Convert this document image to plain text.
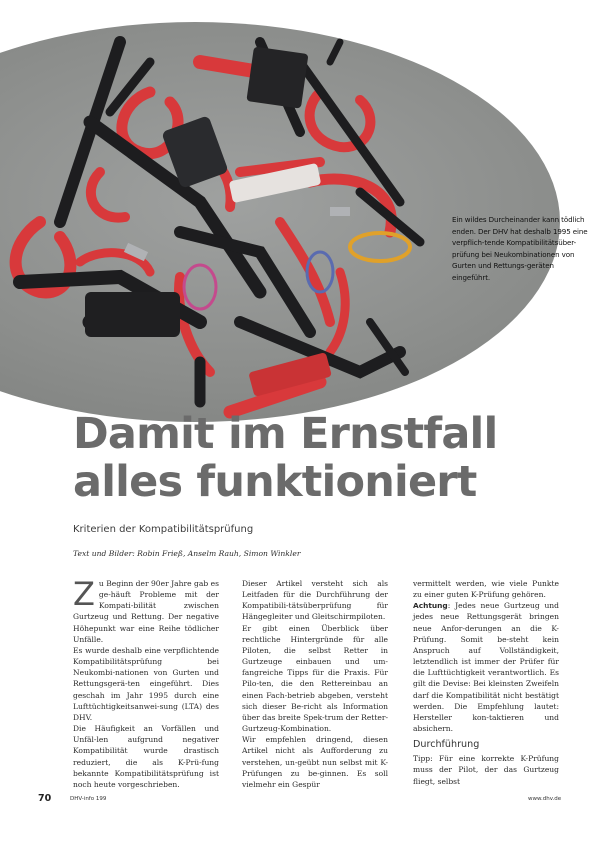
Ein wildes Durcheinander kann tödlich enden. Der DHV hat deshalb 1995 eine verpflich-tende Kompatibilitätsüber-prüfung bei Neukombinationen von Gurten und Rettungs-geräten eingeführt.
Damit im Ernstfall
alles funktioniert
Kriterien der Kompatibilitätsprüfung
Text und Bilder: Robin Frieß, Anselm Rauh, Simon Winkler
Z u Beginn der 90er Jahre gab es ge-häuft Probleme mit der Kompati-bilität zwischen Gurtzeug und Rettung. Der negative Höhepunkt war eine Reihe tödlicher Unfälle.

Es wurde deshalb eine verpflichtende Kompatibilitätsprüfung bei Neukombi-nationen von Gurten und Rettungsgerä-ten eingeführt. Dies geschah im Jahr 1995 durch eine Lufttüchtigkeitsanwei-sung (LTA) des DHV.

Die Häufigkeit an Vorfällen und Unfäl-len aufgrund negativer Kompatibilität wurde drastisch reduziert, die als K-Prü-fung bekannte Kompatibilitätsprüfung ist noch heute vorgeschrieben.

Dieser Artikel versteht sich als Leitfaden für die Durchführung der Kompatibili-tätsüberprüfung für Hängegleiter und Gleitschirmpiloten.

Er gibt einen Überblick über rechtliche Hintergründe für alle Piloten, die selbst Retter in Gurtzeuge einbauen und um-fangreiche Tipps für die Praxis. Für Pilo-ten, die den Rettereinbau an einen Fach-betrieb abgeben, versteht sich dieser Be-richt als Information über das breite Spek-trum der Retter-Gurtzeug-Kombination.

Wir empfehlen dringend, diesen Artikel nicht als Aufforderung zu verstehen, un-geübt nun selbst mit K-Prüfungen zu be-ginnen. Es soll vielmehr ein Gespür

vermittelt werden, wie viele Punkte zu einer guten K-Prüfung gehören.

Achtung: Jedes neue Gurtzeug und jedes neue Rettungsgerät bringen neue Anfor-derungen an die K-Prüfung. Somit be-steht kein Anspruch auf Vollständigkeit, letztendlich ist immer der Prüfer für die Lufttüchtigkeit verantwortlich. Es gilt die Devise: Bei kleinsten Zweifeln darf die Kompatibilität nicht bestätigt werden. Die Empfehlung lautet: Hersteller kon-taktieren und absichern.

Durchführung

Tipp: Für eine korrekte K-Prüfung muss der Pilot, der das Gurtzeug fliegt, selbst

70	DHV-info 199	www.dhv.de
